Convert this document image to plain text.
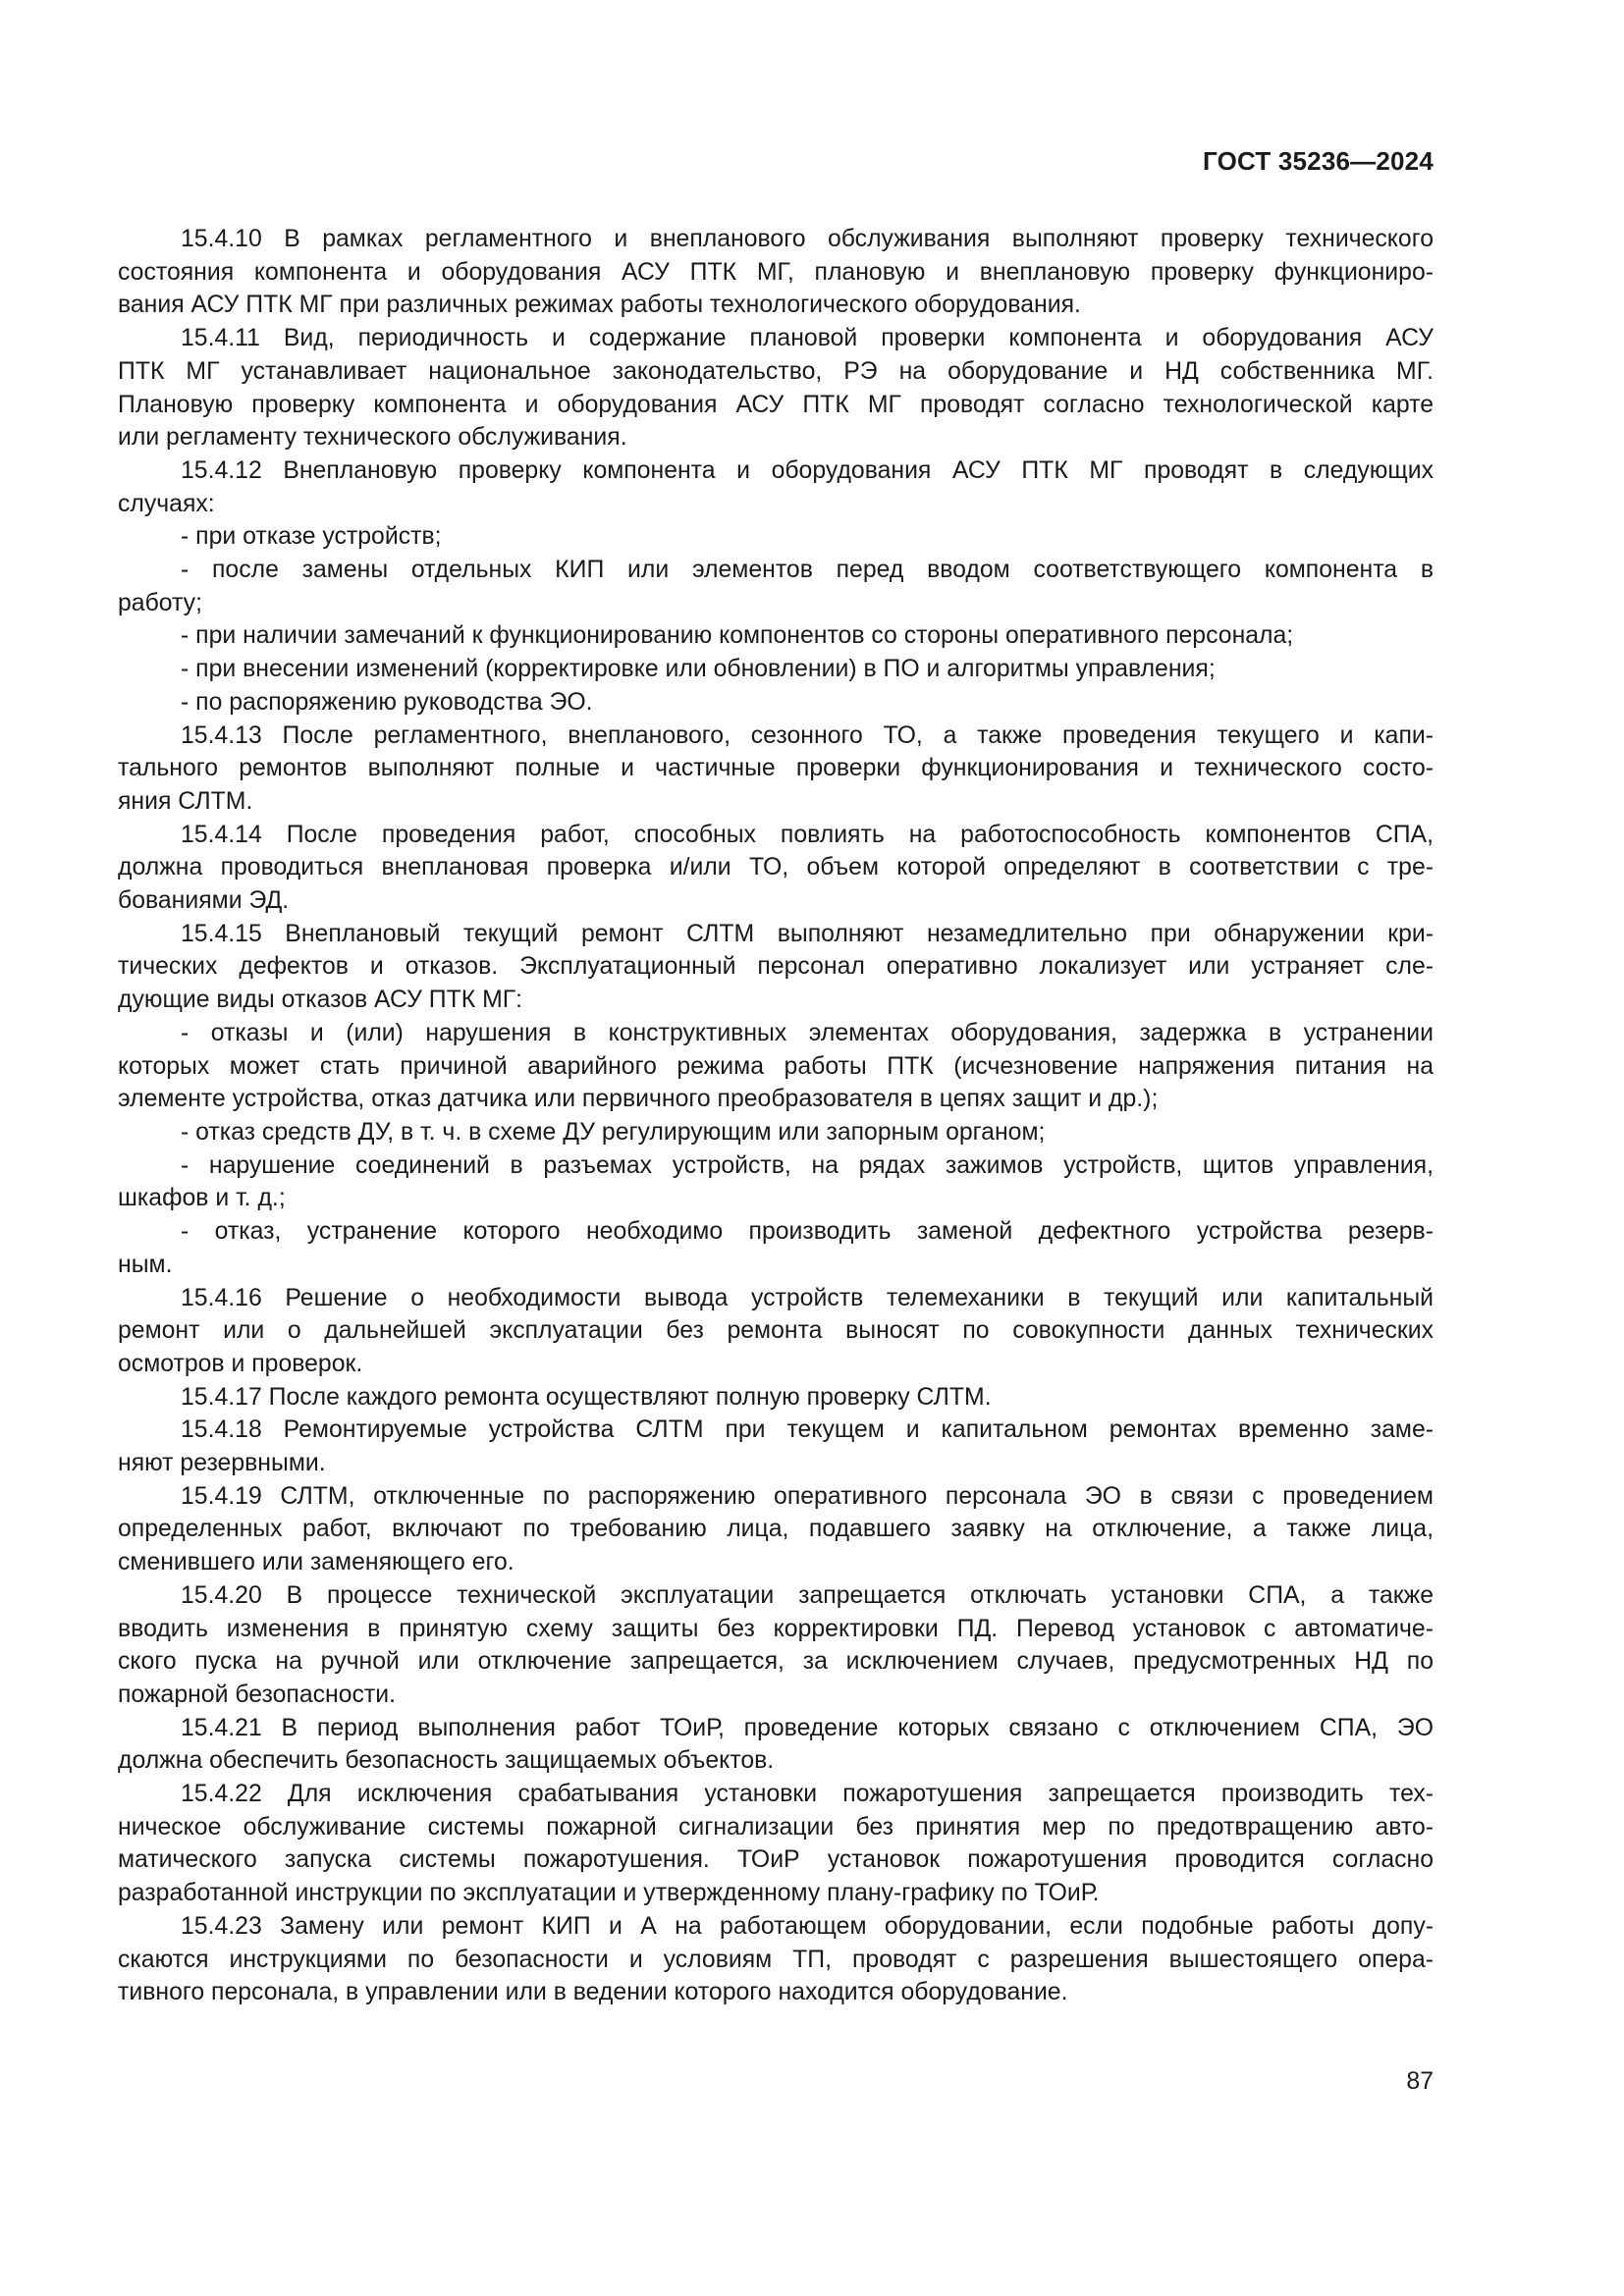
ГОСТ 35236—2024
15.4.10 В рамках регламентного и внепланового обслуживания выполняют проверку технического
состояния компонента и оборудования АСУ ПТК МГ, плановую и внеплановую проверку функциониро-
вания АСУ ПТК МГ при различных режимах работы технологического оборудования.
15.4.11 Вид, периодичность и содержание плановой проверки компонента и оборудования АСУ
ПТК МГ устанавливает национальное законодательство, РЭ на оборудование и НД собственника МГ.
Плановую проверку компонента и оборудования АСУ ПТК МГ проводят согласно технологической карте
или регламенту технического обслуживания.
15.4.12 Внеплановую проверку компонента и оборудования АСУ ПТК МГ проводят в следующих
случаях:
- при отказе устройств;
- после замены отдельных КИП или элементов перед вводом соответствующего компонента в
работу;
- при наличии замечаний к функционированию компонентов со стороны оперативного персонала;
- при внесении изменений (корректировке или обновлении) в ПО и алгоритмы управления;
- по распоряжению руководства ЭО.
15.4.13 После регламентного, внепланового, сезонного ТО, а также проведения текущего и капи-
тального ремонтов выполняют полные и частичные проверки функционирования и технического состо-
яния СЛТМ.
15.4.14 После проведения работ, способных повлиять на работоспособность компонентов СПА,
должна проводиться внеплановая проверка и/или ТО, объем которой определяют в соответствии с тре-
бованиями ЭД.
15.4.15 Внеплановый текущий ремонт СЛТМ выполняют незамедлительно при обнаружении кри-
тических дефектов и отказов. Эксплуатационный персонал оперативно локализует или устраняет сле-
дующие виды отказов АСУ ПТК МГ:
- отказы и (или) нарушения в конструктивных элементах оборудования, задержка в устранении
которых может стать причиной аварийного режима работы ПТК (исчезновение напряжения питания на
элементе устройства, отказ датчика или первичного преобразователя в цепях защит и др.);
- отказ средств ДУ, в т. ч. в схеме ДУ регулирующим или запорным органом;
- нарушение соединений в разъемах устройств, на рядах зажимов устройств, щитов управления,
шкафов и т. д.;
- отказ, устранение которого необходимо производить заменой дефектного устройства резерв-
ным.
15.4.16 Решение о необходимости вывода устройств телемеханики в текущий или капитальный
ремонт или о дальнейшей эксплуатации без ремонта выносят по совокупности данных технических
осмотров и проверок.
15.4.17 После каждого ремонта осуществляют полную проверку СЛТМ.
15.4.18 Ремонтируемые устройства СЛТМ при текущем и капитальном ремонтах временно заме-
няют резервными.
15.4.19 СЛТМ, отключенные по распоряжению оперативного персонала ЭО в связи с проведением
определенных работ, включают по требованию лица, подавшего заявку на отключение, а также лица,
сменившего или заменяющего его.
15.4.20 В процессе технической эксплуатации запрещается отключать установки СПА, а также
вводить изменения в принятую схему защиты без корректировки ПД. Перевод установок с автоматиче-
ского пуска на ручной или отключение запрещается, за исключением случаев, предусмотренных НД по
пожарной безопасности.
15.4.21 В период выполнения работ ТОиР, проведение которых связано с отключением СПА, ЭО
должна обеспечить безопасность защищаемых объектов.
15.4.22 Для исключения срабатывания установки пожаротушения запрещается производить тех-
ническое обслуживание системы пожарной сигнализации без принятия мер по предотвращению авто-
матического запуска системы пожаротушения. ТОиР установок пожаротушения проводится согласно
разработанной инструкции по эксплуатации и утвержденному плану-графику по ТОиР.
15.4.23 Замену или ремонт КИП и А на работающем оборудовании, если подобные работы допу-
скаются инструкциями по безопасности и условиям ТП, проводят с разрешения вышестоящего опера-
тивного персонала, в управлении или в ведении которого находится оборудование.
87
